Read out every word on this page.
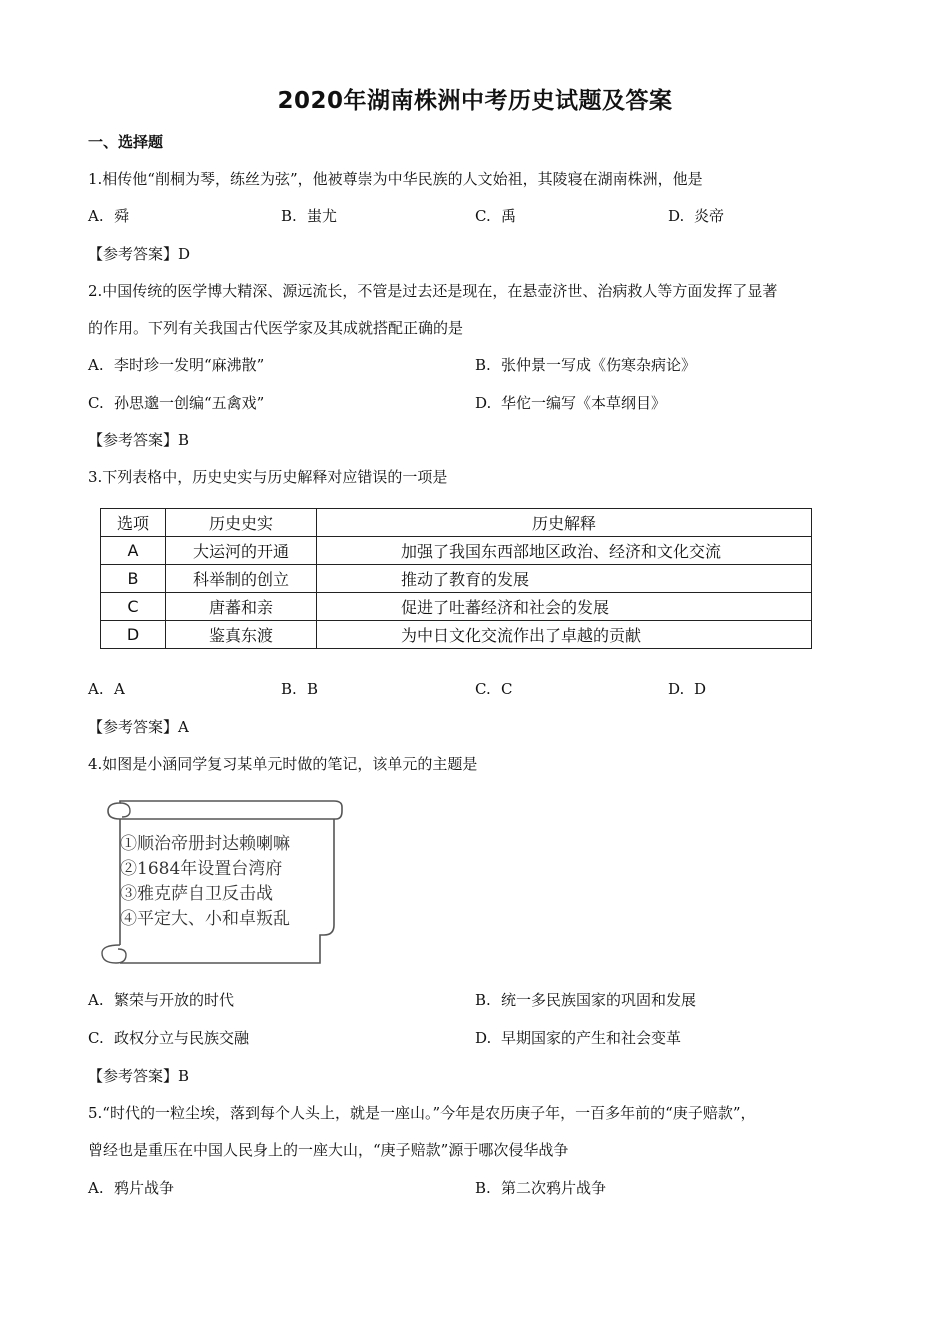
2020年湖南株洲中考历史试题及答案
一、选择题
1.相传他“削桐为琴，练丝为弦”，他被尊崇为中华民族的人文始祖，其陵寝在湖南株洲，他是
A. 舜	B. 蚩尤	C. 禹	D. 炎帝
【参考答案】D
2.中国传统的医学博大精深、源远流长，不管是过去还是现在，在悬壶济世、治病救人等方面发挥了显著
的作用。下列有关我国古代医学家及其成就搭配正确的是
A. 李时珍一发明“麻沸散”	B. 张仲景一写成《伤寒杂病论》
C. 孙思邈一创编“五禽戏”	D. 华佗一编写《本草纲目》
【参考答案】B
3.下列表格中，历史史实与历史解释对应错误的一项是
选项	历史史实	历史解释
A	大运河的开通	加强了我国东西部地区政治、经济和文化交流
B	科举制的创立	推动了教育的发展
C	唐蕃和亲	促进了吐蕃经济和社会的发展
D	鉴真东渡	为中日文化交流作出了卓越的贡献
A. A	B. B	C. C	D. D
【参考答案】A
4.如图是小涵同学复习某单元时做的笔记，该单元的主题是
①顺治帝册封达赖喇嘛
②1684年设置台湾府
③雅克萨自卫反击战
④平定大、小和卓叛乱
A. 繁荣与开放的时代	B. 统一多民族国家的巩固和发展
C. 政权分立与民族交融	D. 早期国家的产生和社会变革
【参考答案】B
5.“时代的一粒尘埃，落到每个人头上，就是一座山。”今年是农历庚子年，一百多年前的“庚子赔款”，
曾经也是重压在中国人民身上的一座大山，“庚子赔款”源于哪次侵华战争
A. 鸦片战争	B. 第二次鸦片战争
